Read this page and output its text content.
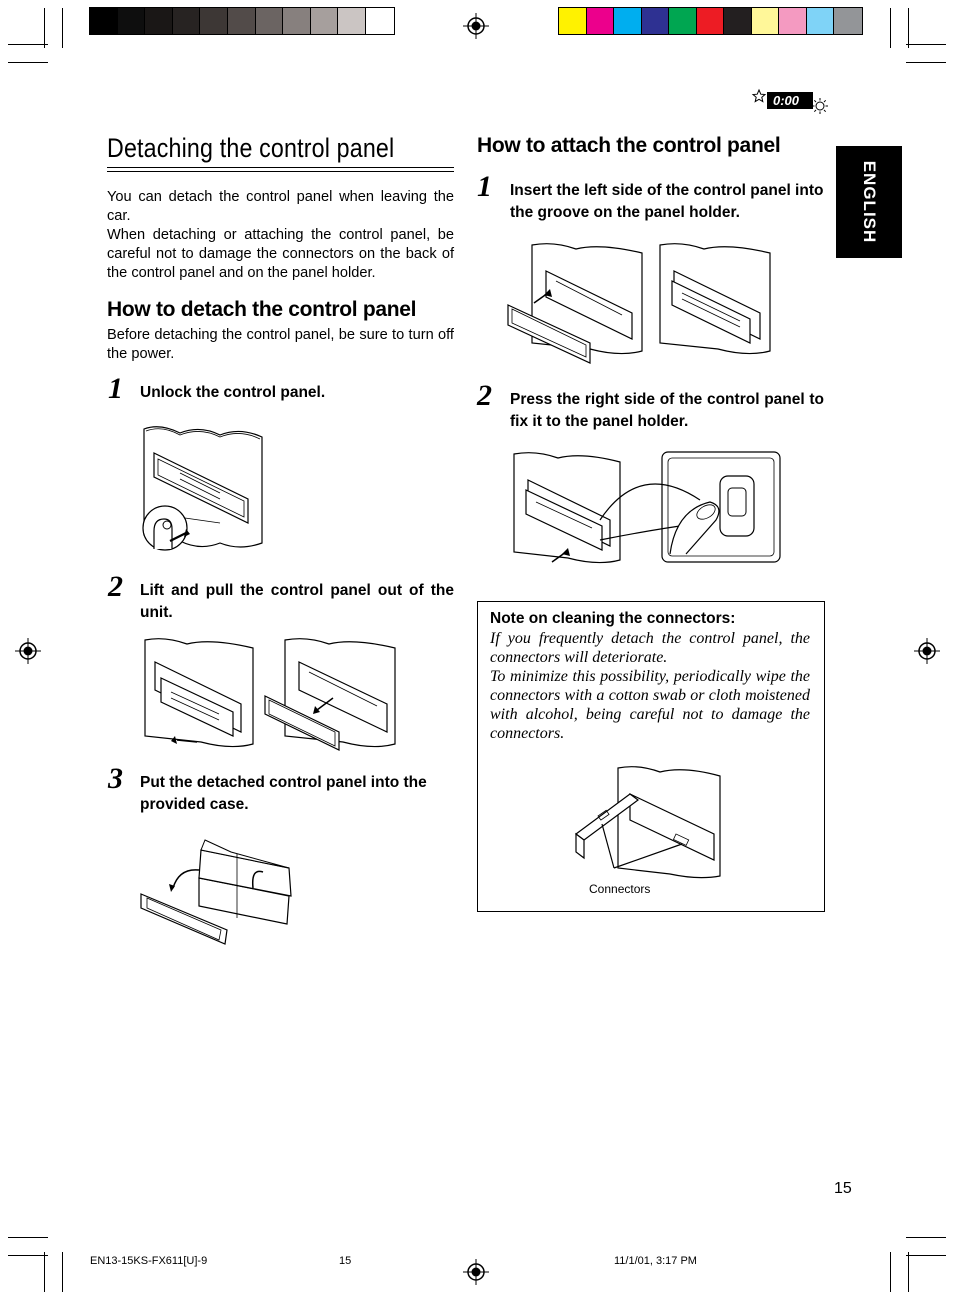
0:00
ENGLISH
Detaching the control panel
You can detach the control panel when leaving the car.
When detaching or attaching the control panel, be careful not to damage the connectors on the back of the control panel and on the panel holder.
How to detach the control panel
Before detaching the control panel, be sure to turn off the power.
1 Unlock the control panel.
2 Lift and pull the control panel out of the unit.
3 Put the detached control panel into the provided case.
How to attach the control panel
1 Insert the left side of the control panel into the groove on the panel holder.
2 Press the right side of the control panel to fix it to the panel holder.
Note on cleaning the connectors:
If you frequently detach the control panel, the connectors will deteriorate.
To minimize this possibility, periodically wipe the connectors with a cotton swab or cloth moistened with alcohol, being careful not to damage the connectors.
Connectors
15
EN13-15KS-FX611[U]-9	15	11/1/01, 3:17 PM
